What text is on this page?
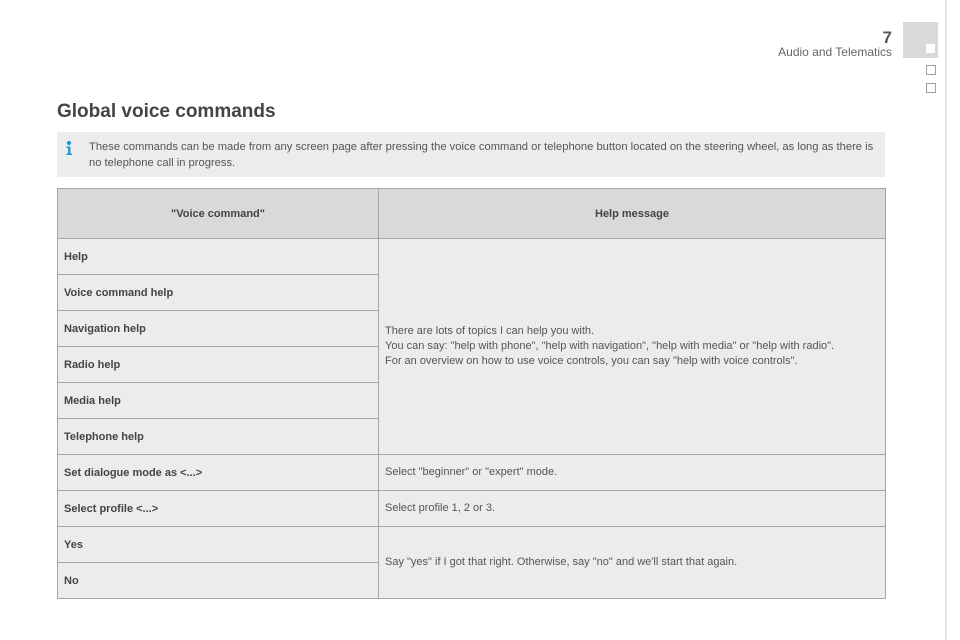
7
Audio and Telematics
Global voice commands
These commands can be made from any screen page after pressing the voice command or telephone button located on the steering wheel, as long as there is no telephone call in progress.
"Voice command"	Help message
Help	There are lots of topics I can help you with.
You can say: "help with phone", "help with navigation", "help with media" or "help with radio".
For an overview on how to use voice controls, you can say "help with voice controls".
Voice command help	
Navigation help	
Radio help	
Media help	
Telephone help	
Set dialogue mode as <...>	Select "beginner" or "expert" mode.
Select profile <...>	Select profile 1, 2 or 3.
Yes	Say "yes" if I got that right. Otherwise, say "no" and we'll start that again.
No	
